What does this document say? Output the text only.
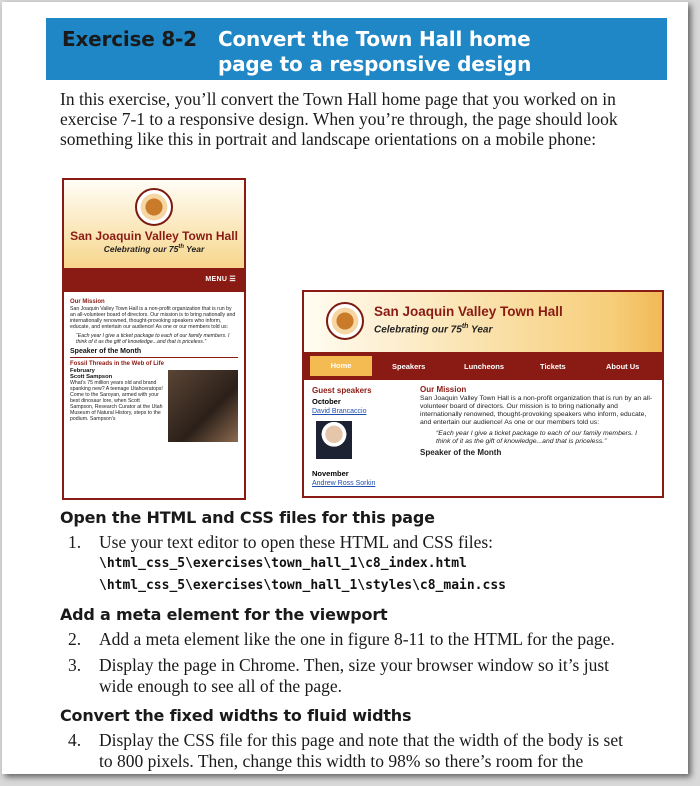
Exercise 8-2 Convert the Town Hall home
page to a responsive design

In this exercise, you’ll convert the Town Hall home page that you worked on in exercise 7-1 to a responsive design. When you’re through, the page should look something like this in portrait and landscape orientations on a mobile phone:

San Joaquin Valley Town Hall
Celebrating our 75th Year
MENU ☰
Our Mission
San Joaquin Valley Town Hall is a non-profit organization that is run by an all-volunteer board of directors. Our mission is to bring nationally and internationally renowned, thought-provoking speakers who inform, educate, and entertain our audience! As one or our members told us:
“Each year I give a ticket package to each of our family members. I think of it as the gift of knowledge...and that is priceless.”
Speaker of the Month
Fossil Threads in the Web of Life
February
Scott Sampson
What’s 75 million years old and brand spanking new? A teenage Utahceratops! Come to the Saroyan, armed with your best dinosaur lore, when Scott Sampson, Research Curator at the Utah Museum of Natural History, steps to the podium. Sampson’s
San Joaquin Valley Town Hall
Celebrating our 75th Year
Home	Speakers	Luncheons	Tickets	About Us
Guest speakers
October
David Brancaccio
November
Andrew Ross Sorkin
Our Mission
San Joaquin Valley Town Hall is a non-profit organization that is run by an all-volunteer board of directors. Our mission is to bring nationally and internationally renowned, thought-provoking speakers who inform, educate, and entertain our audience! As one or our members told us:
“Each year I give a ticket package to each of our family members. I think of it as the gift of knowledge...and that is priceless.”
Speaker of the Month
Open the HTML and CSS files for this page
1. Use your text editor to open these HTML and CSS files:
\html_css_5\exercises\town_hall_1\c8_index.html
\html_css_5\exercises\town_hall_1\styles\c8_main.css
Add a meta element for the viewport
2. Add a meta element like the one in figure 8-11 to the HTML for the page.
3. Display the page in Chrome. Then, size your browser window so it’s just wide enough to see all of the page.
Convert the fixed widths to fluid widths
4. Display the CSS file for this page and note that the width of the body is set to 800 pixels. Then, change this width to 98% so there’s room for the
